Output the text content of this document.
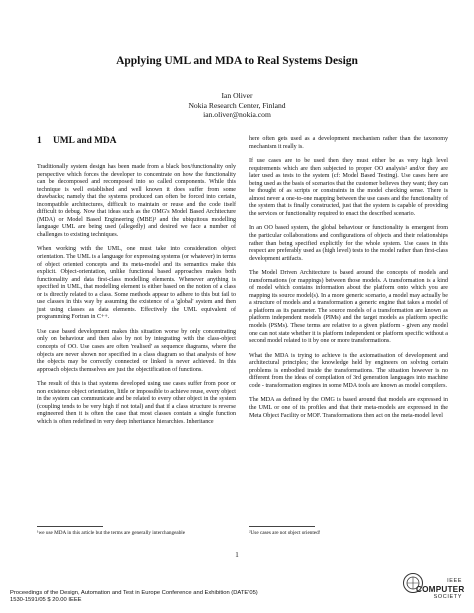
Applying UML and MDA to Real Systems Design
Ian Oliver
Nokia Research Center, Finland
ian.oliver@nokia.com
1 UML and MDA

Traditionally system design has been made from a black box/functionality only perspective which forces the developer to concentrate on how the functionality can be decomposed and recomposed into so called components. While this technique is well established and well known it does suffer from some drawbacks; namely that the systems produced can often be forced into certain, incompatible architectures, difficult to maintain or reuse and the code itself difficult to debug. Now that ideas such as the OMG's Model Based Architecture (MDA) or Model Based Engineering (MBE)¹ and the ubiquitous modelling language UML are being used (allegedly) and desired we face a number of challenges to existing techniques.

When working with the UML, one must take into consideration object orientation. The UML is a language for expressing systems (or whatever) in terms of object oriented concepts and its meta-model and its semantics make this explicit. Object-orientation, unlike functional based approaches makes both functionality and data first-class modelling elements. Whenever anything is specified in UML, that modelling element is either based on the notion of a class or is directly related to a class. Some methods appear to adhere to this but fail to use classes in this way by assuming the existence of a 'global' system and then just using classes as data elements. Effectively the UML equivalent of programming Fortran in C++.

Use case based development makes this situation worse by only concentrating only on behaviour and then also by not by integrating with the class-object concepts of OO. Use cases are often 'realised' as sequence diagrams, where the objects are never shown nor specified in a class diagram so that analysis of how the objects may be correctly connected or linked is never achieved. In this approach objects themselves are just the objectification of functions.

The result of this is that systems developed using use cases suffer from poor or non existence object orientation, little or impossible to achieve reuse, every object in the system can communicate and be related to every other object in the system (coupling tends to be very high if not total) and that if a class structure is reverse engineered then it is often the case that most classes contain a single function which is often redefined in very deep inheritance hierarchies. Inheritance

here often gets used as a development mechanism rather than the taxonomy mechanism it really is.

If use cases are to be used then they must either be as very high level requirements which are then subjected to proper OO analysis² and/or they are later used as tests to the system (cf: Model Based Testing). Use cases here are being used as the basis of scenarios that the customer believes they want; they can be thought of as scripts or constraints in the model checking sense. There is almost never a one-to-one mapping between the use cases and the functionality of the system that is finally constructed, just that the system is capable of providing the services or functionality required to enact the described scenario.

In an OO based system, the global behaviour or functionality is emergent from the particular collaborations and configurations of objects and their relationships rather than being specified explicitly for the whole system. Use cases in this respect are preferably used as (high level) tests to the model rather than first-class development artifacts.

The Model Driven Architecture is based around the concepts of models and transformations (or mappings) between those models. A transformation is a kind of model which contains information about the platform onto which you are mapping its source model(s). In a more generic scenario, a model may actually be a structure of models and a transformation a generic engine that takes a model of a platform as its parameter. The source models of a transformation are known as platform independent models (PIMs) and the target models as platform specific models (PSMs). These terms are relative to a given platform - given any model one can not state whether it is platform independent or platform specific without a second model related to it by one or more transformations.

What the MDA is trying to achieve is the axiomatisation of development and architectural principles; the knowledge held by engineers on solving certain problems is embodied inside the transformations. The situation however is no different from the ideas of compilation of 3rd generation languages into machine code - transformation engines in some MDA tools are known as model compilers.

The MDA as defined by the OMG is based around that models are expressed in the UML or one of its profiles and that their meta-models are expressed in the Meta Object Facility or MOF. Transformations then act on the meta-model level

¹we use MDA in this article but the terms are generally interchangeable	²Use cases are not object oriented!
1
Proceedings of the Design, Automation and Test in Europe Conference and Exhibition (DATE'05)
1530-1591/05 $ 20.00 IEEE
IEEE
COMPUTER
SOCIETY
